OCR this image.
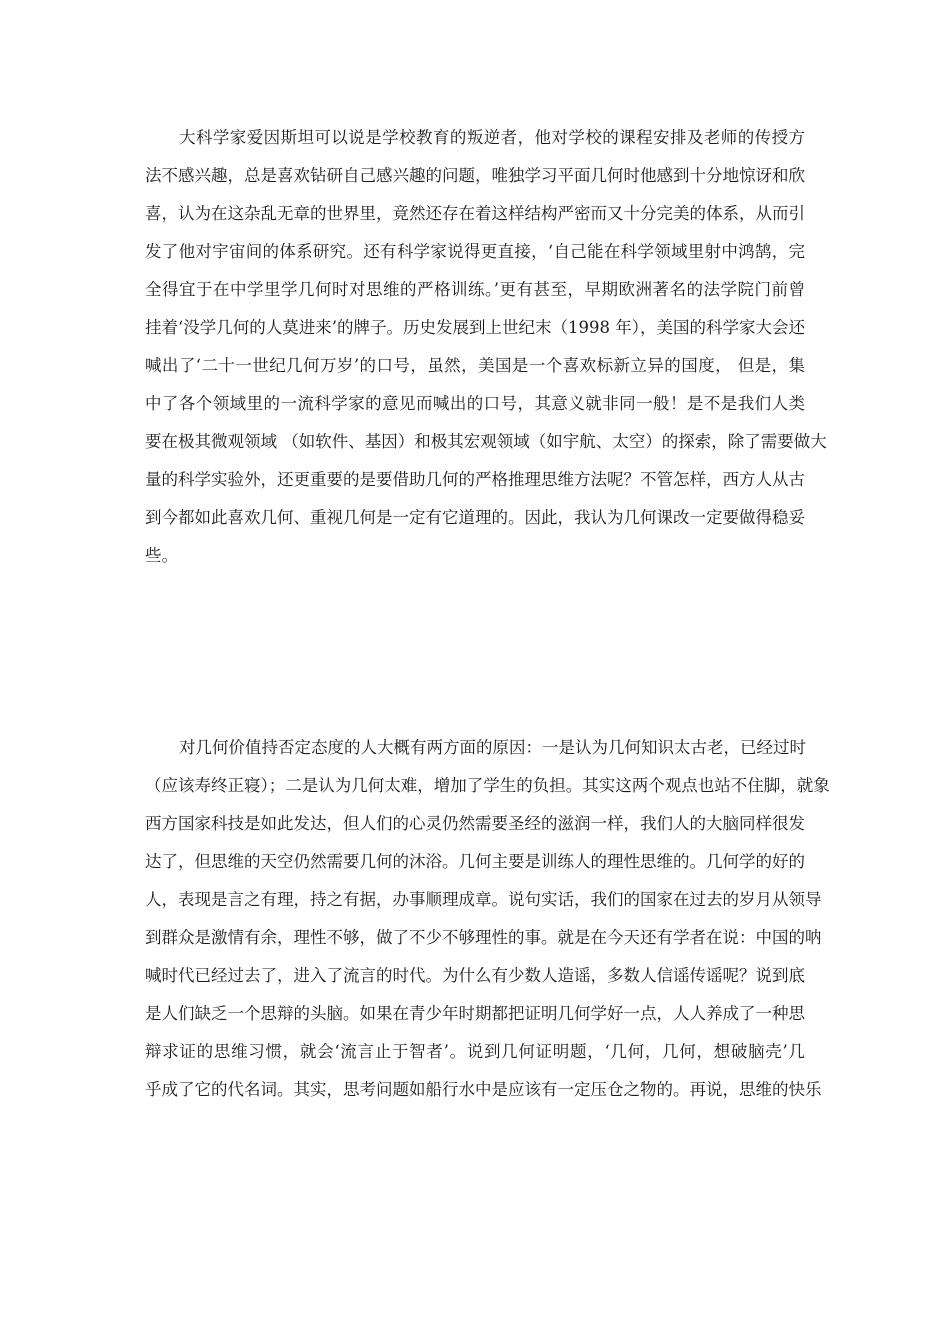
大科学家爱因斯坦可以说是学校教育的叛逆者，他对学校的课程安排及老师的传授方
法不感兴趣，总是喜欢钻研自己感兴趣的问题，唯独学习平面几何时他感到十分地惊讶和欣
喜，认为在这杂乱无章的世界里，竟然还存在着这样结构严密而又十分完美的体系，从而引
发了他对宇宙间的体系研究。还有科学家说得更直接，‘自己能在科学领域里射中鸿鹄，完
全得宜于在中学里学几何时对思维的严格训练。’更有甚至，早期欧洲著名的法学院门前曾
挂着‘没学几何的人莫进来’的牌子。历史发展到上世纪末（1998 年），美国的科学家大会还
喊出了‘二十一世纪几何万岁’的口号，虽然，美国是一个喜欢标新立异的国度， 但是，集
中了各个领域里的一流科学家的意见而喊出的口号，其意义就非同一般！是不是我们人类
要在极其微观领域 （如软件、基因）和极其宏观领域（如宇航、太空）的探索，除了需要做大
量的科学实验外，还更重要的是要借助几何的严格推理思维方法呢？不管怎样，西方人从古
到今都如此喜欢几何、重视几何是一定有它道理的。因此，我认为几何课改一定要做得稳妥
些。
对几何价值持否定态度的人大概有两方面的原因：一是认为几何知识太古老，已经过时
（应该寿终正寝）；二是认为几何太难，增加了学生的负担。其实这两个观点也站不住脚，就象
西方国家科技是如此发达，但人们的心灵仍然需要圣经的滋润一样，我们人的大脑同样很发
达了，但思维的天空仍然需要几何的沐浴。几何主要是训练人的理性思维的。几何学的好的
人，表现是言之有理，持之有据，办事顺理成章。说句实话，我们的国家在过去的岁月从领导
到群众是激情有余，理性不够，做了不少不够理性的事。就是在今天还有学者在说：中国的呐
喊时代已经过去了，进入了流言的时代。为什么有少数人造谣，多数人信谣传谣呢？说到底
是人们缺乏一个思辩的头脑。如果在青少年时期都把证明几何学好一点，人人养成了一种思
辩求证的思维习惯，就会‘流言止于智者’。说到几何证明题，‘几何，几何，想破脑壳’几
乎成了它的代名词。其实，思考问题如船行水中是应该有一定压仓之物的。再说，思维的快乐
